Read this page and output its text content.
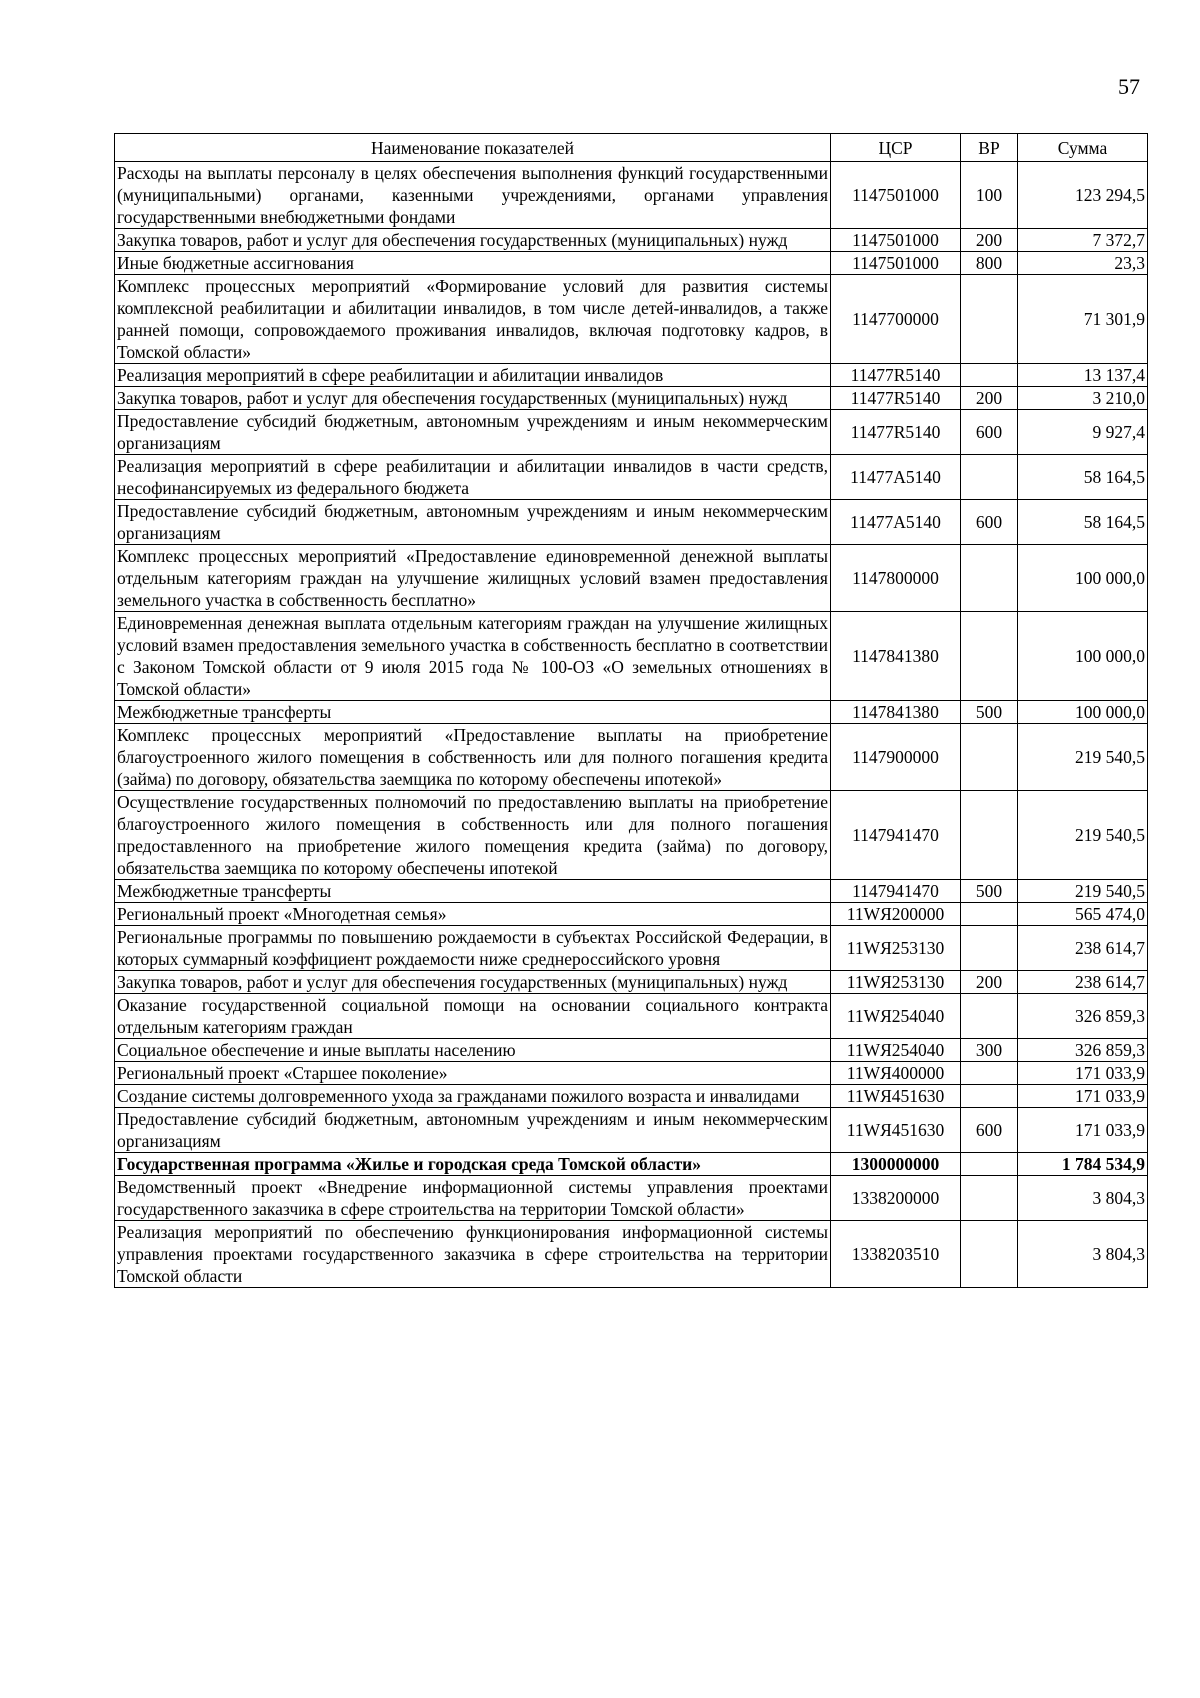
57
Наименование показателей	ЦСР	ВР	Сумма
Расходы на выплаты персоналу в целях обеспечения выполнения функций государственными (муниципальными) органами, казенными учреждениями, органами управления государственными внебюджетными фондами	1147501000	100	123 294,5
Закупка товаров, работ и услуг для обеспечения государственных (муниципальных) нужд	1147501000	200	7 372,7
Иные бюджетные ассигнования	1147501000	800	23,3
Комплекс процессных мероприятий «Формирование условий для развития системы комплексной реабилитации и абилитации инвалидов, в том числе детей-инвалидов, а также ранней помощи, сопровождаемого проживания инвалидов, включая подготовку кадров, в Томской области»	1147700000		71 301,9
Реализация мероприятий в сфере реабилитации и абилитации инвалидов	11477R5140		13 137,4
Закупка товаров, работ и услуг для обеспечения государственных (муниципальных) нужд	11477R5140	200	3 210,0
Предоставление субсидий бюджетным, автономным учреждениям и иным некоммерческим организациям	11477R5140	600	9 927,4
Реализация мероприятий в сфере реабилитации и абилитации инвалидов в части средств, несофинансируемых из федерального бюджета	11477A5140		58 164,5
Предоставление субсидий бюджетным, автономным учреждениям и иным некоммерческим организациям	11477A5140	600	58 164,5
Комплекс процессных мероприятий «Предоставление единовременной денежной выплаты отдельным категориям граждан на улучшение жилищных условий взамен предоставления земельного участка в собственность бесплатно»	1147800000		100 000,0
Единовременная денежная выплата отдельным категориям граждан на улучшение жилищных условий взамен предоставления земельного участка в собственность бесплатно в соответствии с Законом Томской области от 9 июля 2015 года № 100-ОЗ «О земельных отношениях в Томской области»	1147841380		100 000,0
Межбюджетные трансферты	1147841380	500	100 000,0
Комплекс процессных мероприятий «Предоставление выплаты на приобретение благоустроенного жилого помещения в собственность или для полного погашения кредита (займа) по договору, обязательства заемщика по которому обеспечены ипотекой»	1147900000		219 540,5
Осуществление государственных полномочий по предоставлению выплаты на приобретение благоустроенного жилого помещения в собственность или для полного погашения предоставленного на приобретение жилого помещения кредита (займа) по договору, обязательства заемщика по которому обеспечены ипотекой	1147941470		219 540,5
Межбюджетные трансферты	1147941470	500	219 540,5
Региональный проект «Многодетная семья»	11WЯ200000		565 474,0
Региональные программы по повышению рождаемости в субъектах Российской Федерации, в которых суммарный коэффициент рождаемости ниже среднероссийского уровня	11WЯ253130		238 614,7
Закупка товаров, работ и услуг для обеспечения государственных (муниципальных) нужд	11WЯ253130	200	238 614,7
Оказание государственной социальной помощи на основании социального контракта отдельным категориям граждан	11WЯ254040		326 859,3
Социальное обеспечение и иные выплаты населению	11WЯ254040	300	326 859,3
Региональный проект «Старшее поколение»	11WЯ400000		171 033,9
Создание системы долговременного ухода за гражданами пожилого возраста и инвалидами	11WЯ451630		171 033,9
Предоставление субсидий бюджетным, автономным учреждениям и иным некоммерческим организациям	11WЯ451630	600	171 033,9
Государственная программа «Жилье и городская среда Томской области»	1300000000		1 784 534,9
Ведомственный проект «Внедрение информационной системы управления проектами государственного заказчика в сфере строительства на территории Томской области»	1338200000		3 804,3
Реализация мероприятий по обеспечению функционирования информационной системы управления проектами государственного заказчика в сфере строительства на территории Томской области	1338203510		3 804,3
